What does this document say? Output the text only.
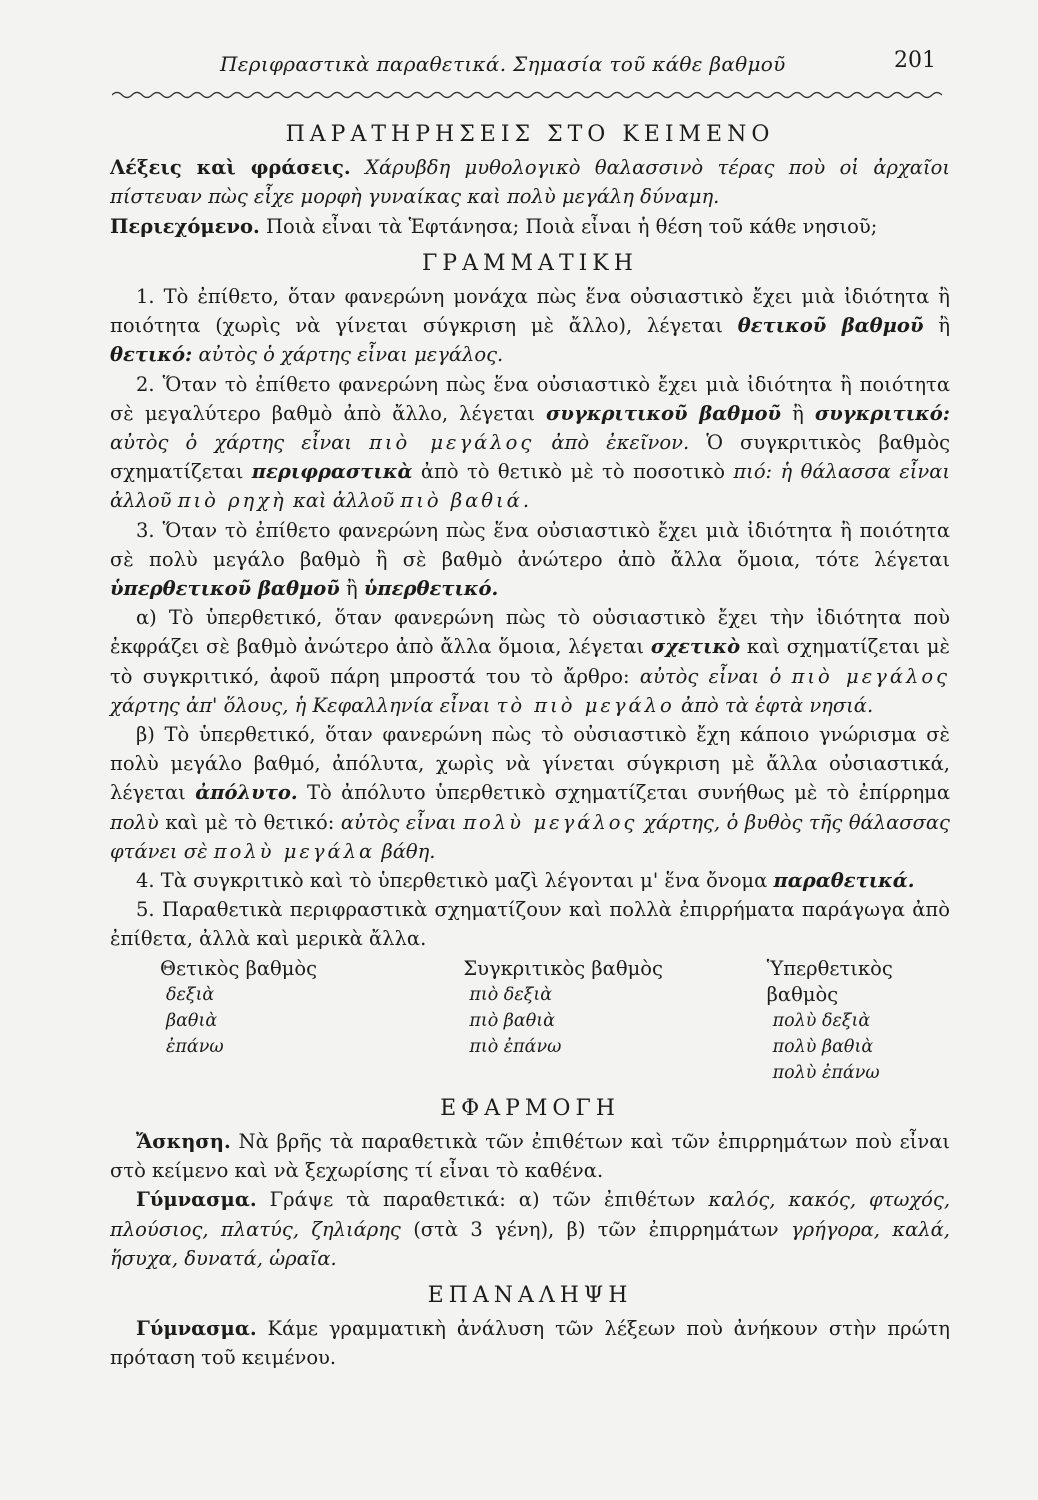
Περιφραστικὰ παραθετικά. Σημασία τοῦ κάθε βαθμοῦ	201
ΠΑΡΑΤΗΡΗΣΕΙΣ ΣΤΟ ΚΕΙΜΕΝΟ

Λέξεις καὶ φράσεις. Χάρυβδη μυθολογικὸ θαλασσινὸ τέρας ποὺ οἱ ἀρχαῖοι πίστευαν πὼς εἶχε μορφὴ γυναίκας καὶ πολὺ μεγάλη δύναμη.

Περιεχόμενο. Ποιὰ εἶναι τὰ Ἑφτάνησα; Ποιὰ εἶναι ἡ θέση τοῦ κάθε νησιοῦ;

ΓΡΑΜΜΑΤΙΚΗ

1. Τὸ ἐπίθετο, ὅταν φανερώνη μονάχα πὼς ἕνα οὐσιαστικὸ ἔχει μιὰ ἰδιότητα ἢ ποιότητα (χωρὶς νὰ γίνεται σύγκριση μὲ ἄλλο), λέγεται θετικοῦ βαθμοῦ ἢ θετικό: αὐτὸς ὁ χάρτης εἶναι μεγάλος.

2. Ὅταν τὸ ἐπίθετο φανερώνη πὼς ἕνα οὐσιαστικὸ ἔχει μιὰ ἰδιότητα ἢ ποιότητα σὲ μεγαλύτερο βαθμὸ ἀπὸ ἄλλο, λέγεται συγκριτικοῦ βαθμοῦ ἢ συγκριτικό: αὐτὸς ὁ χάρτης εἶναι πιὸ μεγάλος ἀπὸ ἐκεῖνον. Ὁ συγκριτικὸς βαθμὸς σχηματίζεται περιφραστικὰ ἀπὸ τὸ θετικὸ μὲ τὸ ποσοτικὸ πιό: ἡ θάλασσα εἶναι ἀλλοῦ πιὸ ρηχὴ καὶ ἀλλοῦ πιὸ βαθιά.

3. Ὅταν τὸ ἐπίθετο φανερώνη πὼς ἕνα οὐσιαστικὸ ἔχει μιὰ ἰδιότητα ἢ ποιότητα σὲ πολὺ μεγάλο βαθμὸ ἢ σὲ βαθμὸ ἀνώτερο ἀπὸ ἄλλα ὅμοια, τότε λέγεται ὑπερθετικοῦ βαθμοῦ ἢ ὑπερθετικό.

α) Τὸ ὑπερθετικό, ὅταν φανερώνη πὼς τὸ οὐσιαστικὸ ἔχει τὴν ἰδιότητα ποὺ ἐκφράζει σὲ βαθμὸ ἀνώτερο ἀπὸ ἄλλα ὅμοια, λέγεται σχετικὸ καὶ σχηματίζεται μὲ τὸ συγκριτικό, ἀφοῦ πάρη μπροστά του τὸ ἄρθρο: αὐτὸς εἶναι ὁ πιὸ μεγάλος χάρτης ἀπ' ὅλους, ἡ Κεφαλληνία εἶναι τὸ πιὸ μεγάλο ἀπὸ τὰ ἑφτὰ νησιά.

β) Τὸ ὑπερθετικό, ὅταν φανερώνη πὼς τὸ οὐσιαστικὸ ἔχη κάποιο γνώρισμα σὲ πολὺ μεγάλο βαθμό, ἀπόλυτα, χωρὶς νὰ γίνεται σύγκριση μὲ ἄλλα οὐσιαστικά, λέγεται ἀπόλυτο. Τὸ ἀπόλυτο ὑπερθετικὸ σχηματίζεται συνήθως μὲ τὸ ἐπίρρημα πολὺ καὶ μὲ τὸ θετικό: αὐτὸς εἶναι πολὺ μεγάλος χάρτης, ὁ βυθὸς τῆς θάλασσας φτάνει σὲ πολὺ μεγάλα βάθη.

4. Τὰ συγκριτικὸ καὶ τὸ ὑπερθετικὸ μαζὶ λέγονται μ' ἕνα ὄνομα παραθετικά.

5. Παραθετικὰ περιφραστικὰ σχηματίζουν καὶ πολλὰ ἐπιρρήματα παράγωγα ἀπὸ ἐπίθετα, ἀλλὰ καὶ μερικὰ ἄλλα.

Θετικὸς βαθμὸς
δεξιὰ
βαθιὰ
ἐπάνω
Συγκριτικὸς βαθμὸς
πιὸ δεξιὰ
πιὸ βαθιὰ
πιὸ ἐπάνω
Ὑπερθετικὸς βαθμὸς
πολὺ δεξιὰ
πολὺ βαθιὰ
πολὺ ἐπάνω
ΕΦΑΡΜΟΓΗ

Ἄσκηση. Νὰ βρῆς τὰ παραθετικὰ τῶν ἐπιθέτων καὶ τῶν ἐπιρρημάτων ποὺ εἶναι στὸ κείμενο καὶ νὰ ξεχωρίσης τί εἶναι τὸ καθένα.

Γύμνασμα. Γράψε τὰ παραθετικά: α) τῶν ἐπιθέτων καλός, κακός, φτωχός, πλούσιος, πλατύς, ζηλιάρης (στὰ 3 γένη), β) τῶν ἐπιρρημάτων γρήγορα, καλά, ἥσυχα, δυνατά, ὡραῖα.

ΕΠΑΝΑΛΗΨΗ

Γύμνασμα. Κάμε γραμματικὴ ἀνάλυση τῶν λέξεων ποὺ ἀνήκουν στὴν πρώτη πρόταση τοῦ κειμένου.
